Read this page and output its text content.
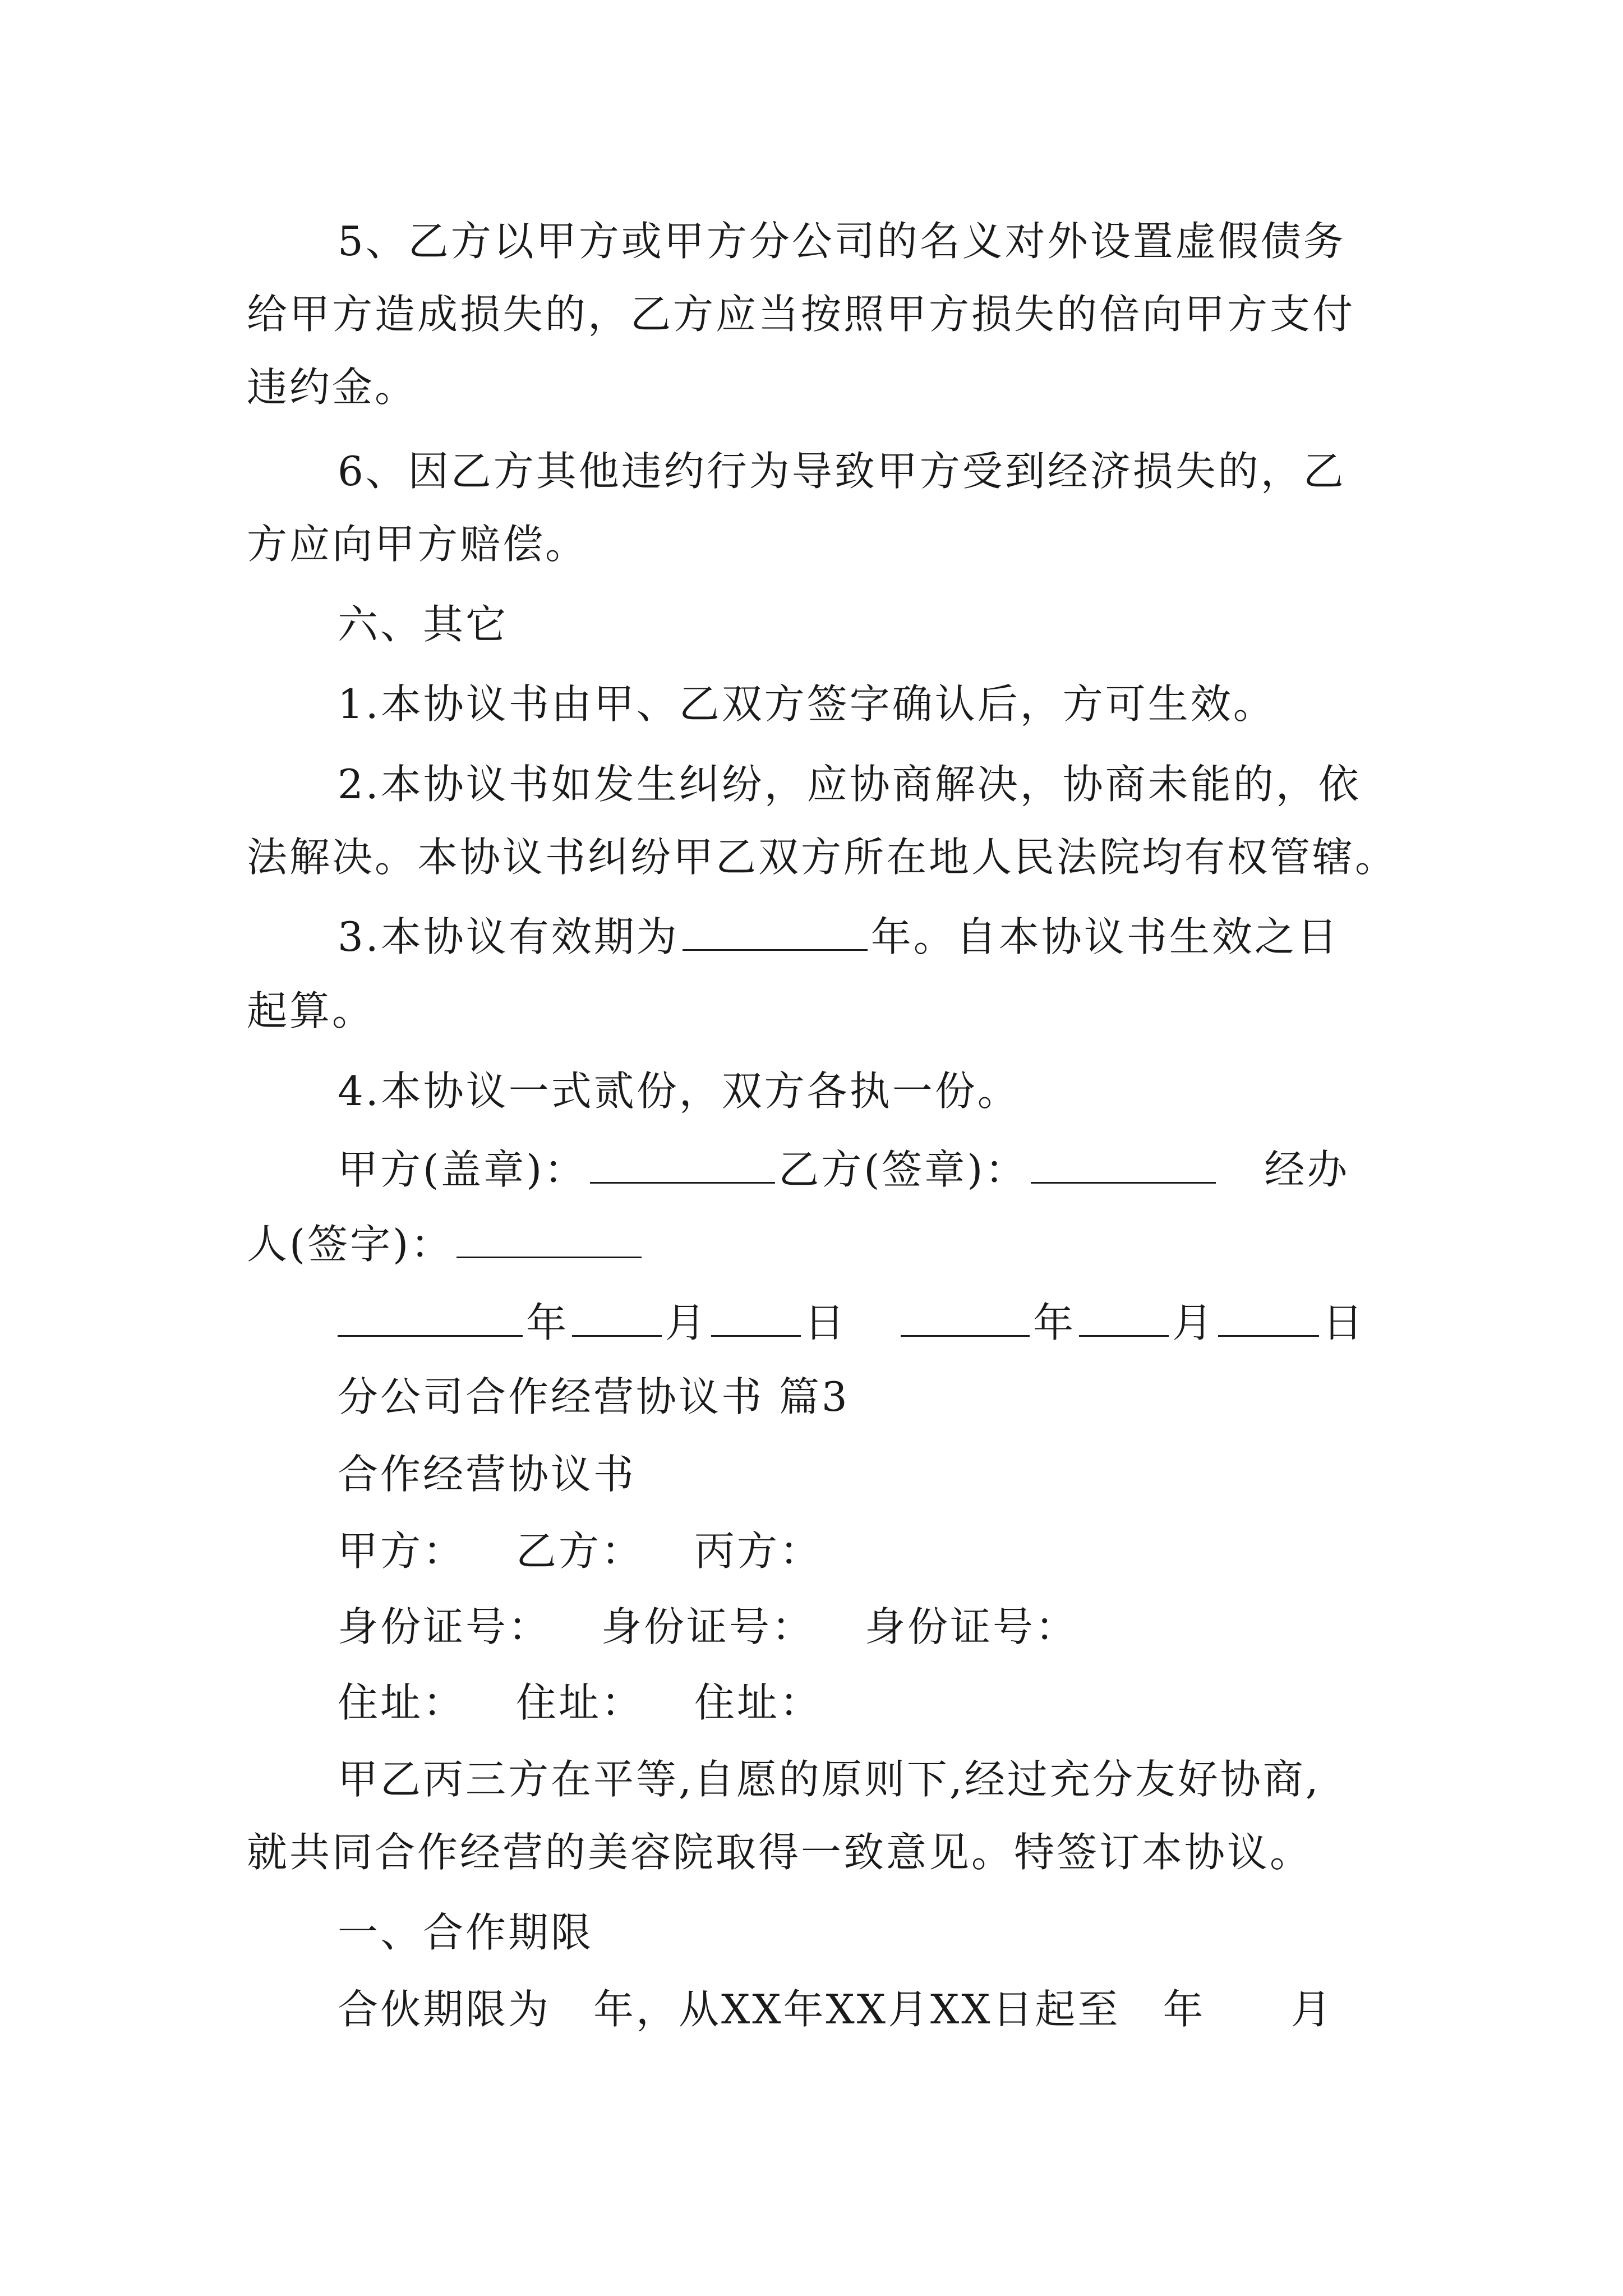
5、乙方以甲方或甲方分公司的名义对外设置虚假债务
给甲方造成损失的，乙方应当按照甲方损失的倍向甲方支付
违约金。
6、因乙方其他违约行为导致甲方受到经济损失的，乙
方应向甲方赔偿。
六、其它
1.本协议书由甲、乙双方签字确认后，方可生效。
2.本协议书如发生纠纷，应协商解决，协商未能的，依
法解决。本协议书纠纷甲乙双方所在地人民法院均有权管辖。
3.本协议有效期为	年。自本协议书生效之日
起算。
4.本协议一式贰份，双方各执一份。
甲方(盖章)：	乙方(签章)：	经办
人(签字)：
年 月 日	年 月	日
分公司合作经营协议书 篇3
合作经营协议书
甲方： 乙方： 丙方：
身份证号： 身份证号： 身份证号：
住址： 住址： 住址：
甲乙丙三方在平等,自愿的原则下,经过充分友好协商,
就共同合作经营的美容院取得一致意见。特签订本协议。
一、合作期限
合伙期限为　年，从XX年XX月XX日起至　年　　月
